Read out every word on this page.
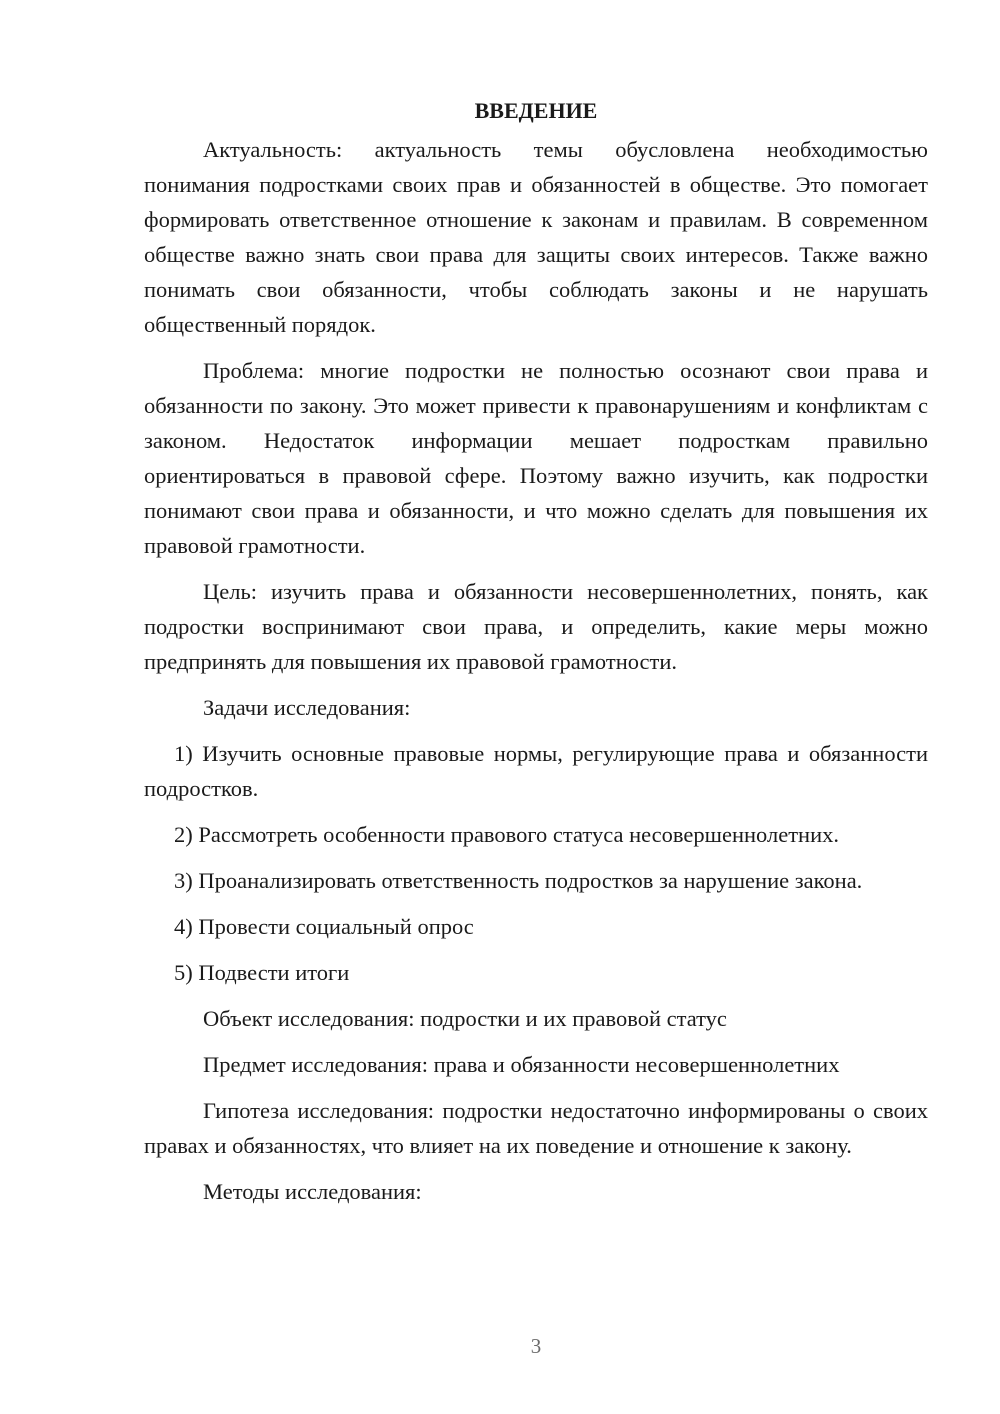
ВВЕДЕНИЕ

Актуальность: актуальность темы обусловлена необходимостью понимания подростками своих прав и обязанностей в обществе. Это помогает формировать ответственное отношение к законам и правилам. В современном обществе важно знать свои права для защиты своих интересов. Также важно понимать свои обязанности, чтобы соблюдать законы и не нарушать общественный порядок.

Проблема: многие подростки не полностью осознают свои права и обязанности по закону. Это может привести к правонарушениям и конфликтам с законом. Недостаток информации мешает подросткам правильно ориентироваться в правовой сфере. Поэтому важно изучить, как подростки понимают свои права и обязанности, и что можно сделать для повышения их правовой грамотности.

Цель: изучить права и обязанности несовершеннолетних, понять, как подростки воспринимают свои права, и определить, какие меры можно предпринять для повышения их правовой грамотности.

Задачи исследования:

1) Изучить основные правовые нормы, регулирующие права и обязанности подростков.

2) Рассмотреть особенности правового статуса несовершеннолетних.

3) Проанализировать ответственность подростков за нарушение закона.

4) Провести социальный опрос

5) Подвести итоги

Объект исследования: подростки и их правовой статус

Предмет исследования: права и обязанности несовершеннолетних

Гипотеза исследования: подростки недостаточно информированы о своих правах и обязанностях, что влияет на их поведение и отношение к закону.

Методы исследования:

3
